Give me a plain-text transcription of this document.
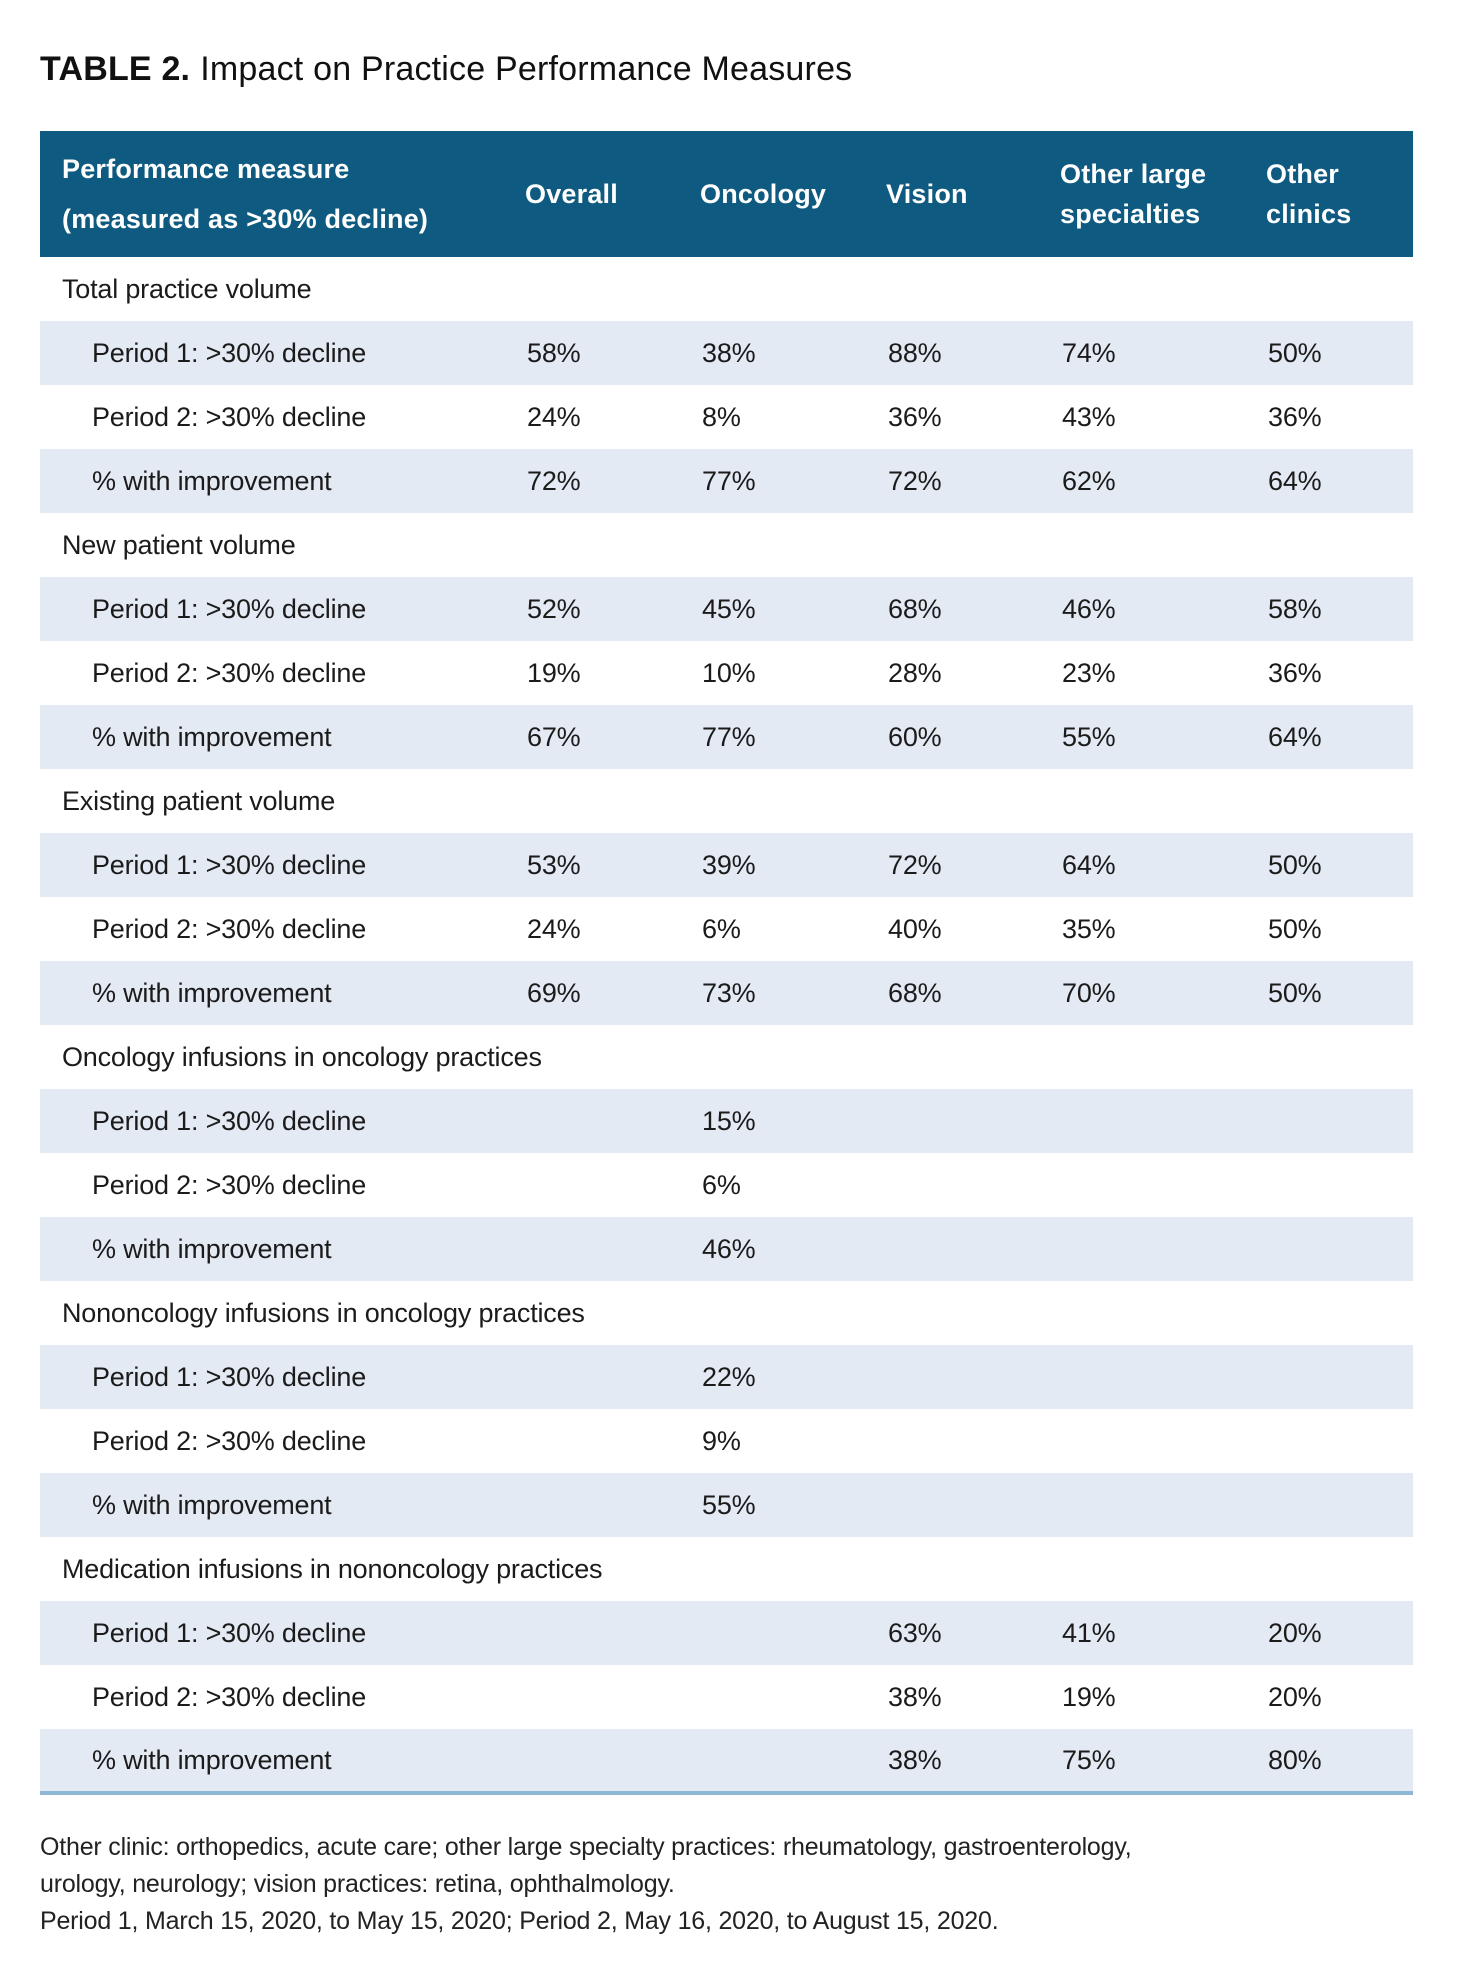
TABLE 2. Impact on Practice Performance Measures
Performance measure
(measured as >30% decline)	Overall	Oncology	Vision	Other large specialties	Other clinics
Total practice volume					
Period 1: >30% decline	58%	38%	88%	74%	50%
Period 2: >30% decline	24%	8%	36%	43%	36%
% with improvement	72%	77%	72%	62%	64%
New patient volume					
Period 1: >30% decline	52%	45%	68%	46%	58%
Period 2: >30% decline	19%	10%	28%	23%	36%
% with improvement	67%	77%	60%	55%	64%
Existing patient volume					
Period 1: >30% decline	53%	39%	72%	64%	50%
Period 2: >30% decline	24%	6%	40%	35%	50%
% with improvement	69%	73%	68%	70%	50%
Oncology infusions in oncology practices					
Period 1: >30% decline		15%			
Period 2: >30% decline		6%			
% with improvement		46%			
Nononcology infusions in oncology practices					
Period 1: >30% decline		22%			
Period 2: >30% decline		9%			
% with improvement		55%			
Medication infusions in nononcology practices					
Period 1: >30% decline			63%	41%	20%
Period 2: >30% decline			38%	19%	20%
% with improvement			38%	75%	80%

Other clinic: orthopedics, acute care; other large specialty practices: rheumatology, gastroenterology, urology, neurology; vision practices: retina, ophthalmology.

Period 1, March 15, 2020, to May 15, 2020; Period 2, May 16, 2020, to August 15, 2020.
